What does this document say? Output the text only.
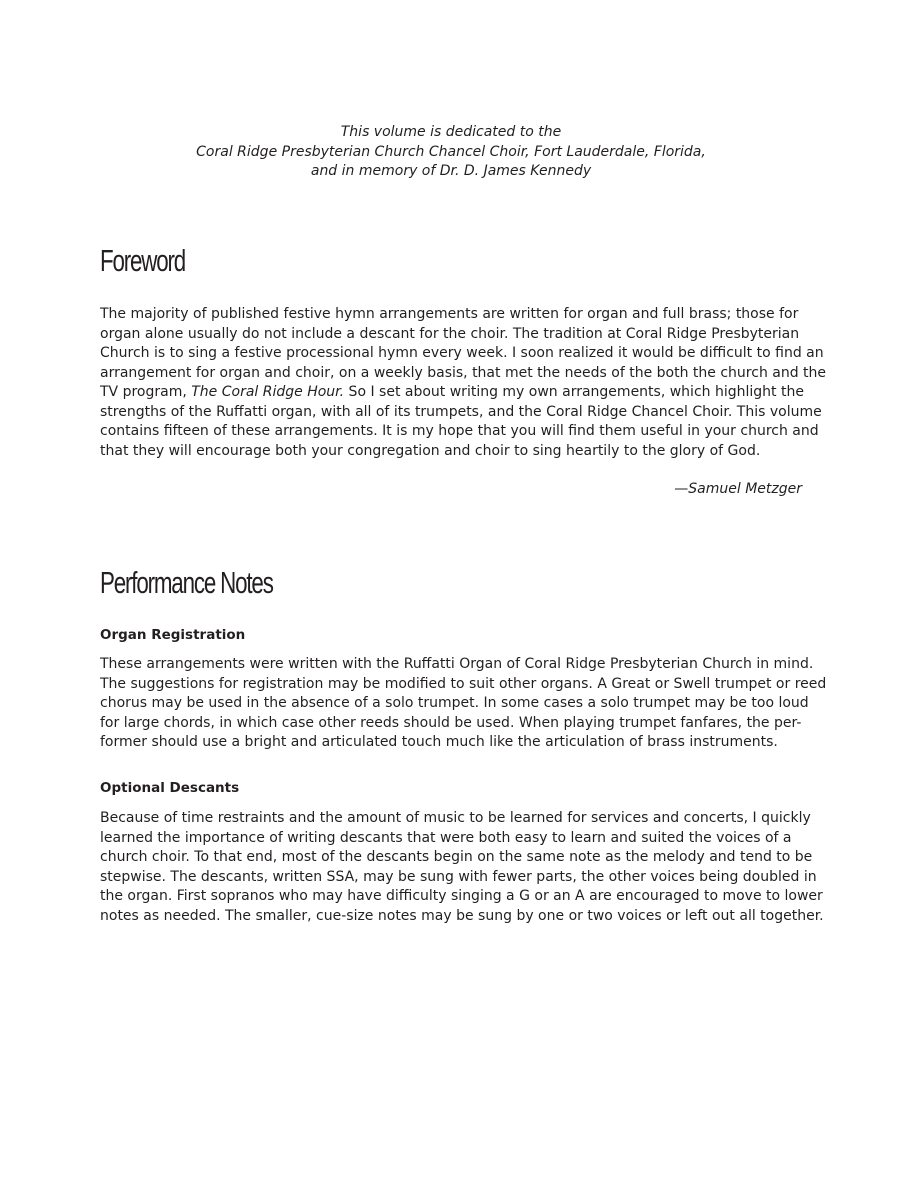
This volume is dedicated to the
Coral Ridge Presbyterian Church Chancel Choir, Fort Lauderdale, Florida,
and in memory of Dr. D. James Kennedy
Foreword

The majority of published festive hymn arrangements are written for organ and full brass; those for
organ alone usually do not include a descant for the choir. The tradition at Coral Ridge Presbyterian
Church is to sing a festive processional hymn every week. I soon realized it would be difficult to find an
arrangement for organ and choir, on a weekly basis, that met the needs of the both the church and the
TV program, The Coral Ridge Hour. So I set about writing my own arrangements, which highlight the
strengths of the Ruffatti organ, with all of its trumpets, and the Coral Ridge Chancel Choir. This volume
contains fifteen of these arrangements. It is my hope that you will find them useful in your church and
that they will encourage both your congregation and choir to sing heartily to the glory of God.

—Samuel Metzger
Performance Notes
Organ Registration

These arrangements were written with the Ruffatti Organ of Coral Ridge Presbyterian Church in mind.
The suggestions for registration may be modified to suit other organs. A Great or Swell trumpet or reed
chorus may be used in the absence of a solo trumpet. In some cases a solo trumpet may be too loud
for large chords, in which case other reeds should be used. When playing trumpet fanfares, the per-
former should use a bright and articulated touch much like the articulation of brass instruments.

Optional Descants

Because of time restraints and the amount of music to be learned for services and concerts, I quickly
learned the importance of writing descants that were both easy to learn and suited the voices of a
church choir. To that end, most of the descants begin on the same note as the melody and tend to be
stepwise. The descants, written SSA, may be sung with fewer parts, the other voices being doubled in
the organ. First sopranos who may have difficulty singing a G or an A are encouraged to move to lower
notes as needed. The smaller, cue-size notes may be sung by one or two voices or left out all together.
